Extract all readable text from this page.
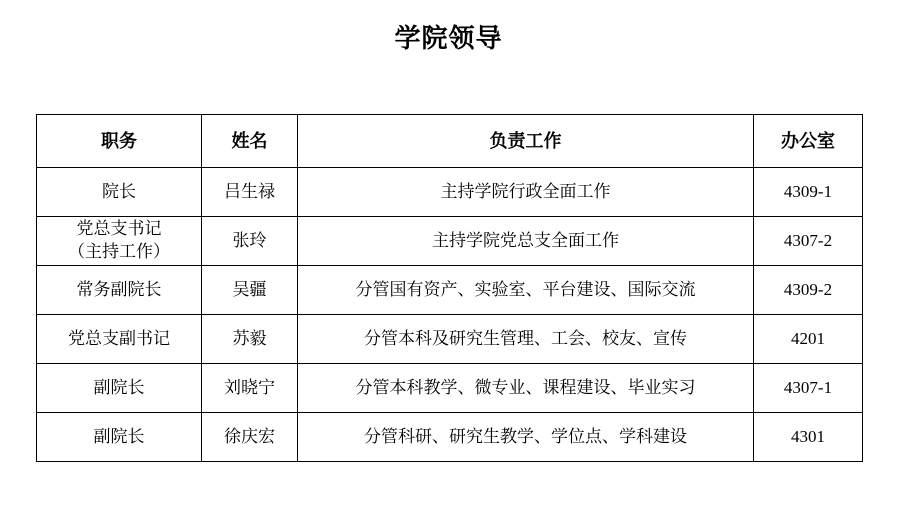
学院领导
职务	姓名	负责工作	办公室
院长	吕生禄	主持学院行政全面工作	4309-1

党总支书记
（主持工作）	张玲	主持学院党总支全面工作	4307-2
常务副院长	吴疆	分管国有资产、实验室、平台建设、国际交流	4309-2
党总支副书记	苏毅	分管本科及研究生管理、工会、校友、宣传	4201
副院长	刘晓宁	分管本科教学、微专业、课程建设、毕业实习	4307-1
副院长	徐庆宏	分管科研、研究生教学、学位点、学科建设	4301
